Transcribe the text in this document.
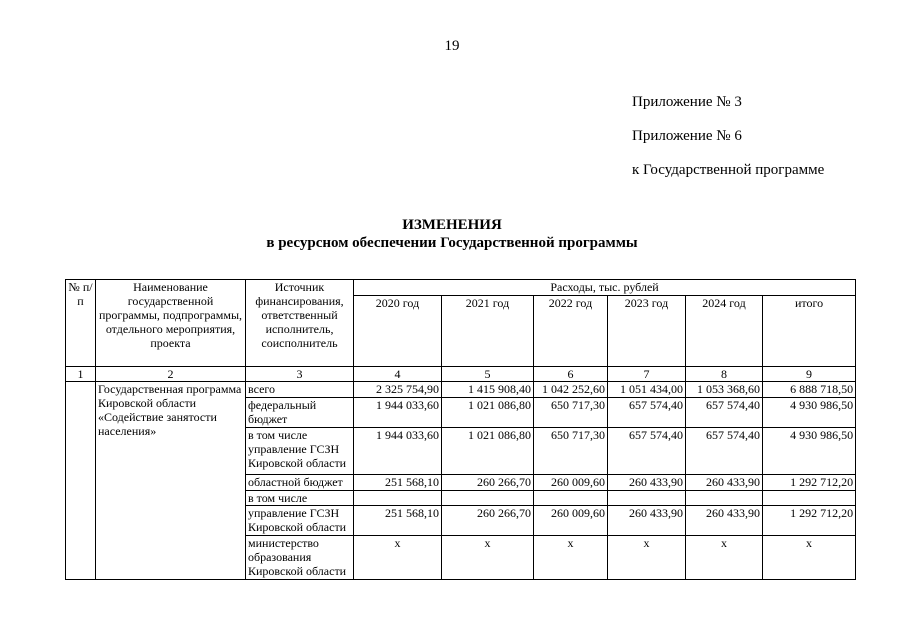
19
Приложение № 3
Приложение № 6
к Государственной программе
ИЗМЕНЕНИЯ
в ресурсном обеспечении Государственной программы
№ п/п	Наименование государственной программы, подпрограммы, отдельного мероприятия, проекта	Источник финансирования, ответственный исполнитель, соисполнитель	Расходы, тыс. рублей					
			2020 год	2021 год	2022 год	2023 год	2024 год	итого
1	2	3	4	5	6	7	8	9
	Государственная программа Кировской области «Содействие занятости населения»	всего	2 325 754,90	1 415 908,40	1 042 252,60	1 051 434,00	1 053 368,60	6 888 718,50
		федеральный бюджет	1 944 033,60	1 021 086,80	650 717,30	657 574,40	657 574,40	4 930 986,50
		в том числе управление ГСЗН Кировской области	1 944 033,60	1 021 086,80	650 717,30	657 574,40	657 574,40	4 930 986,50
		областной бюджет	251 568,10	260 266,70	260 009,60	260 433,90	260 433,90	1 292 712,20
		в том числе						
		управление ГСЗН Кировской области	251 568,10	260 266,70	260 009,60	260 433,90	260 433,90	1 292 712,20
		министерство образования Кировской области	х	х	х	х	х	х
